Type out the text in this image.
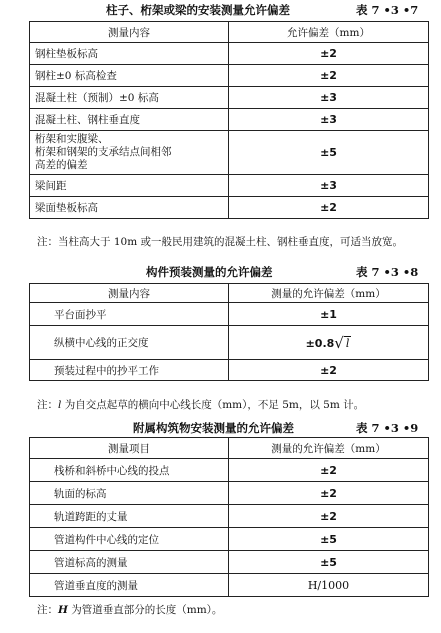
柱子、桁架或梁的安装测量允许偏差	表 7 •3 •7
测量内容	允许偏差（mm）
钢柱垫板标高	±2
钢柱±0 标高检查	±2
混凝土柱（预制）±0 标高	±3
混凝土柱、钢柱垂直度	±3

桁架和实腹梁、
桁架和钢架的支承结点间相邻
高差的偏差	±5
梁间距	±3
梁面垫板标高	±2
注：当柱高大于 10m 或一般民用建筑的混凝土柱、钢柱垂直度，可适当放宽。
构件预装测量的允许偏差	表 7 •3 •8
测量内容	测量的允许偏差（mm）
平台面抄平	±1
纵横中心线的正交度	±0.8 √ l

预装过程中的抄平工作	±2
注：l 为自交点起草的横向中心线长度（mm），不足 5m，以 5m 计。
附属构筑物安装测量的允许偏差	表 7 •3 •9
测量项目	测量的允许偏差（mm）
栈桥和斜桥中心线的投点	±2
轨面的标高	±2
轨道跨距的丈量	±2
管道构件中心线的定位	±5
管道标高的测量	±5
管道垂直度的测量	H/1000
注：H 为管道垂直部分的长度（mm）。
